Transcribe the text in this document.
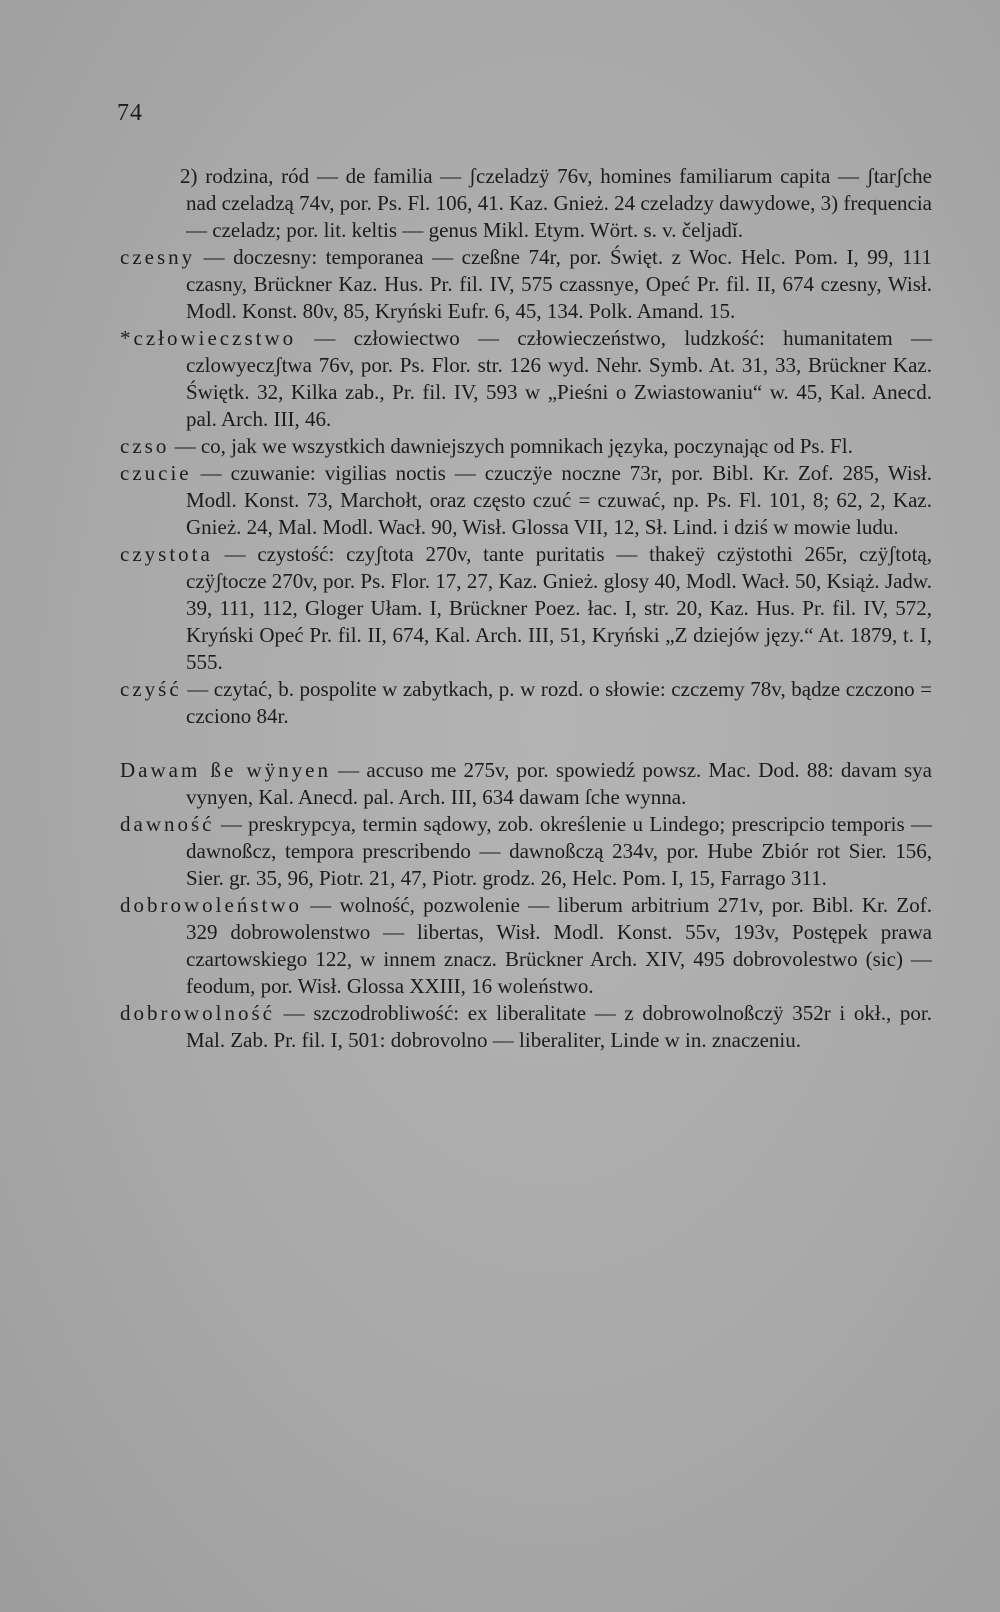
74

2) rodzina, ród — de familia — ʃczeladzÿ 76v, homines familiarum capita — ʃtarʃche nad czeladzą 74v, por. Ps. Fl. 106, 41. Kaz. Gnież. 24 czeladzy dawydowe, 3) frequencia — czeladz; por. lit. keltis — genus Mikl. Etym. Wört. s. v. čeljadĭ.

czesny — doczesny: temporanea — czeßne 74r, por. Święt. z Woc. Helc. Pom. I, 99, 111 czasny, Brückner Kaz. Hus. Pr. fil. IV, 575 czassnye, Opeć Pr. fil. II, 674 czesny, Wisł. Modl. Konst. 80v, 85, Kryński Eufr. 6, 45, 134. Polk. Amand. 15.

*człowieczstwo — człowiectwo — człowieczeństwo, ludzkość: humanitatem — czlowyeczʃtwa 76v, por. Ps. Flor. str. 126 wyd. Nehr. Symb. At. 31, 33, Brückner Kaz. Świętk. 32, Kilka zab., Pr. fil. IV, 593 w „Pieśni o Zwiastowaniu“ w. 45, Kal. Anecd. pal. Arch. III, 46.

czso — co, jak we wszystkich dawniejszych pomnikach języka, poczynając od Ps. Fl.

czucie — czuwanie: vigilias noctis — czuczÿe noczne 73r, por. Bibl. Kr. Zof. 285, Wisł. Modl. Konst. 73, Marchołt, oraz często czuć = czuwać, np. Ps. Fl. 101, 8; 62, 2, Kaz. Gnież. 24, Mal. Modl. Wacł. 90, Wisł. Glossa VII, 12, Sł. Lind. i dziś w mowie ludu.

czystota — czystość: czyʃtota 270v, tante puritatis — thakeÿ czÿstothi 265r, czÿʃtotą, czÿʃtocze 270v, por. Ps. Flor. 17, 27, Kaz. Gnież. glosy 40, Modl. Wacł. 50, Książ. Jadw. 39, 111, 112, Gloger Ułam. I, Brückner Poez. łac. I, str. 20, Kaz. Hus. Pr. fil. IV, 572, Kryński Opeć Pr. fil. II, 674, Kal. Arch. III, 51, Kryński „Z dziejów języ.“ At. 1879, t. I, 555.

czyść — czytać, b. pospolite w zabytkach, p. w rozd. o słowie: czczemy 78v, bądze czczono = czciono 84r.

Dawam ße wÿnyen — accuso me 275v, por. spowiedź powsz. Mac. Dod. 88: davam sya vynyen, Kal. Anecd. pal. Arch. III, 634 dawam ſche wynna.

dawność — preskrypcya, termin sądowy, zob. określenie u Lindego; prescripcio temporis — dawnoßcz, tempora prescribendo — dawnoßczą 234v, por. Hube Zbiór rot Sier. 156, Sier. gr. 35, 96, Piotr. 21, 47, Piotr. grodz. 26, Helc. Pom. I, 15, Farrago 311.

dobrowoleństwo — wolność, pozwolenie — liberum arbitrium 271v, por. Bibl. Kr. Zof. 329 dobrowolenstwo — libertas, Wisł. Modl. Konst. 55v, 193v, Postępek prawa czartowskiego 122, w innem znacz. Brückner Arch. XIV, 495 dobrovolestwo (sic) — feodum, por. Wisł. Glossa XXIII, 16 woleństwo.

dobrowolność — szczodrobliwość: ex liberalitate — z dobrowolnoßczÿ 352r i okł., por. Mal. Zab. Pr. fil. I, 501: dobrovolno — liberaliter, Linde w in. znaczeniu.
